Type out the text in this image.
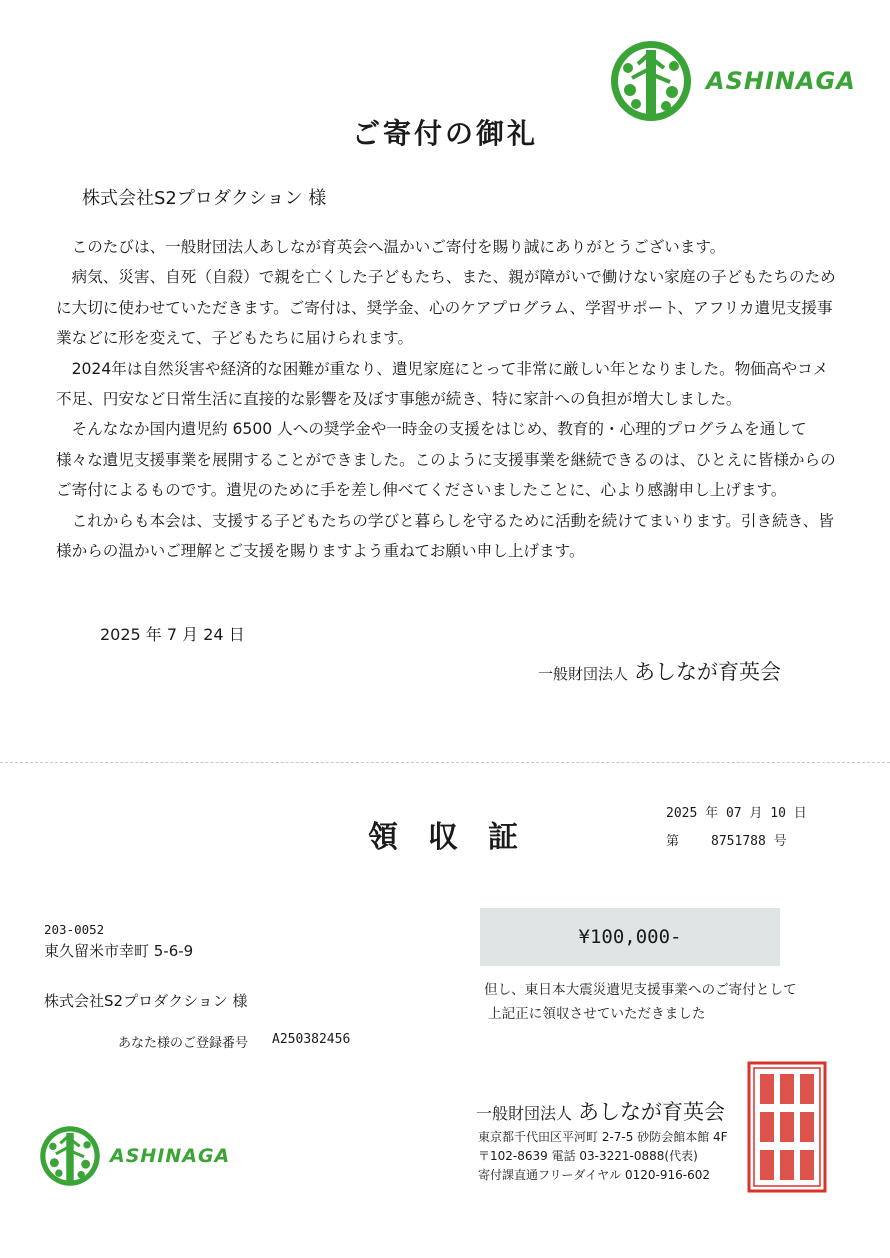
ASHINAGA
ご寄付の御礼
株式会社S2プロダクション 様

このたびは、一般財団法人あしなが育英会へ温かいご寄付を賜り誠にありがとうございます。

病気、災害、自死（自殺）で親を亡くした子どもたち、また、親が障がいで働けない家庭の子どもたちのために大切に使わせていただきます。ご寄付は、奨学金、心のケアプログラム、学習サポート、アフリカ遺児支援事業などに形を変えて、子どもたちに届けられます。

2024年は自然災害や経済的な困難が重なり、遺児家庭にとって非常に厳しい年となりました。物価高やコメ不足、円安など日常生活に直接的な影響を及ぼす事態が続き、特に家計への負担が増大しました。

そんななか国内遺児約 6500 人への奨学金や一時金の支援をはじめ、教育的・心理的プログラムを通して様々な遺児支援事業を展開することができました。このように支援事業を継続できるのは、ひとえに皆様からのご寄付によるものです。遺児のために手を差し伸べてくださいましたことに、心より感謝申し上げます。

これからも本会は、支援する子どもたちの学びと暮らしを守るために活動を続けてまいります。引き続き、皆様からの温かいご理解とご支援を賜りますよう重ねてお願い申し上げます。

2025 年 7 月 24 日
一般財団法人 あしなが育英会
領収証
2025 年 07 月 10 日
第 8751788 号
203-0052
東久留米市幸町 5-6-9
株式会社S2プロダクション 様
あなた様のご登録番号 A250382456
¥100,000-
但し、東日本大震災遺児支援事業へのご寄付として
上記正に領収させていただきました
一般財団法人 あしなが育英会
東京都千代田区平河町 2-7-5 砂防会館本館 4F
〒102-8639 電話 03-3221-0888(代表)
寄付課直通フリーダイヤル 0120-916-602
ASHINAGA
